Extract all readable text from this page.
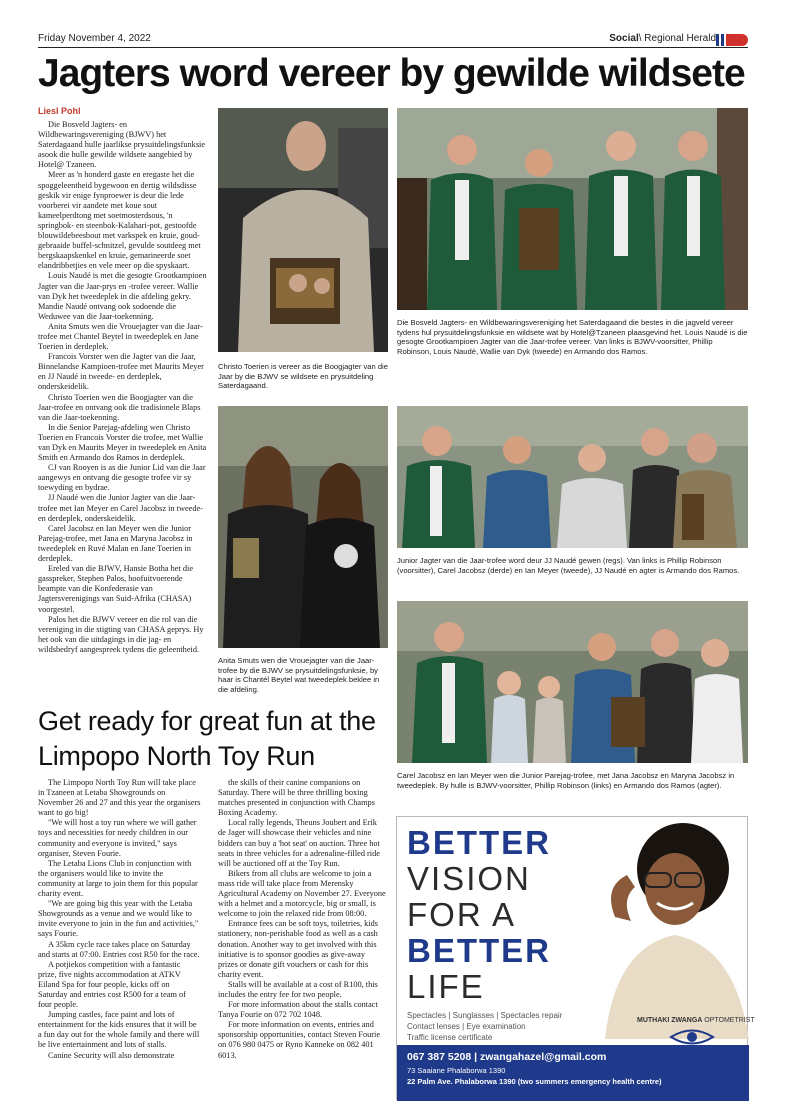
Friday November 4, 2022	Social\ Regional Herald
Jagters word vereer by gewilde wildsete
Liesl Pohl

Die Bosveld Jagters- en Wildbewaringsvereniging (BJWV) het Saterdagaand hulle jaarlikse prysuitdelingsfunksie asook die hulle gewilde wildsete aangebied by Hotel@ Tzaneen.

Meer as 'n honderd gaste en eregaste het die spoggeleentheid bygewoon en dertig wildsdisse geskik vir enige fynproewer is deur die lede voorberei vir aandete met koue sout kameelperdtong met soetmosterdsous, 'n springbok- en steenbok-Kalahari-pot, gestoofde blouwildebeesbout met varkspek en kruie, goud-gebraaide buffel-schnitzel, gevulde soutdeeg met bergskaapskenkel en kruie, gemarineerde soet elandribbetjies en vele meer op die spyskaart.

Louis Naudé is met die gesogte Grootkampioen Jagter van die Jaar-prys en -trofee vereer. Wallie van Dyk het tweedeplek in die afdeling gekry. Mandie Naudé ontvang ook sodoende die Weduwee van die Jaar-toekenning.

Anita Smuts wen die Vrouejagter van die Jaar-trofee met Chantel Beytel in tweedeplek en Jane Toerien in derdeplek.

Francois Vorster wen die Jagter van die Jaar, Binnelandse Kampioen-trofee met Maurits Meyer en JJ Naudé in tweede- en derdeplek, onderskeidelik.

Christo Toerien wen die Boogjagter van die Jaar-trofee en ontvang ook die tradisionele Blaps van die Jaar-toekenning.

In die Senior Parejag-afdeling wen Christo Toerien en Francois Vorster die trofee, met Wallie van Dyk en Maurits Meyer in tweedeplek en Anita Smith en Armando dos Ramos in derdeplek.

CJ van Rooyen is as die Junior Lid van die Jaar aangewys en ontvang die gesogte trofee vir sy toewyding en bydrae.

JJ Naudé wen die Junior Jagter van die Jaar-trofee met Ian Meyer en Carel Jacobsz in tweede- en derdeplek, onderskeidelik.

Carel Jacobsz en Ian Meyer wen die Junior Parejag-trofee, met Jana en Maryna Jacobsz in tweedeplek en Ruvé Malan en Jane Toerien in derdeplek.

Ereled van die BJWV, Hansie Botha het die gasspreker, Stephen Palos, hoofuitvoerende beampte van die Konfederasie van Jagtersverenigings van Suid-Afrika (CHASA) voorgestel.

Palos het die BJWV vereer en die rol van die vereniging in die stigting van CHASA geprys. Hy het ook van die uitdagings in die jag- en wildsbedryf aangespreek tydens die geleentheid.

Christo Toerien is vereer as die Boogjagter van die Jaar by die BJWV se wildsete en prysuitdeling Saterdagaand.
Die Bosveld Jagters- en Wildbewaringsvereniging het Saterdagaand die bestes in die jagveld vereer tydens hul prysuitdelingsfunksie en wildsete wat by Hotel@Tzaneen plaasgevind het. Louis Naudé is die gesogte Grootkampioen Jagter van die Jaar-trofee vereer. Van links is BJWV-voorsitter, Phillip Robinson, Louis Naudé, Wallie van Dyk (tweede) en Armando dos Ramos.
Anita Smuts wen die Vrouejagter van die Jaar-trofee by die BJWV se prysuitdelingsfunksie, by haar is Chantél Beytel wat tweedeplek beklee in die afdeling.
Junior Jagter van die Jaar-trofee word deur JJ Naudé gewen (regs). Van links is Phillip Robinson (voorsitter), Carel Jacobsz (derde) en Ian Meyer (tweede), JJ Naudé en agter is Armando dos Ramos.
Carel Jacobsz en Ian Meyer wen die Junior Parejag-trofee, met Jana Jacobsz en Maryna Jacobsz in tweedeplek. By hulle is BJWV-voorsitter, Phillip Robinson (links) en Armando dos Ramos (agter).
Get ready for great fun at the Limpopo North Toy Run

The Limpopo North Toy Run will take place in Tzaneen at Letaba Showgrounds on November 26 and 27 and this year the organisers want to go big!

"We will host a toy run where we will gather toys and necessities for needy children in our community and everyone is invited," says organiser, Steven Fourie.

The Letaba Lions Club in conjunction with the organisers would like to invite the community at large to join them for this popular charity event.

"We are going big this year with the Letaba Showgrounds as a venue and we would like to invite everyone to join in the fun and activities," says Fourie.

A 35km cycle race takes place on Saturday and starts at 07:00. Entries cost R50 for the race.

A potjiekos competition with a fantastic prize, five nights accommodation at ATKV Eiland Spa for four people, kicks off on Saturday and entries cost R500 for a team of four people.

Jumping castles, face paint and lots of entertainment for the kids ensures that it will be a fun day out for the whole family and there will be live entertainment and lots of stalls.

Canine Security will also demonstrate

the skills of their canine companions on Saturday. There will be three thrilling boxing matches presented in conjunction with Champs Boxing Academy.

Local rally legends, Theuns Joubert and Erik de Jager will showcase their vehicles and nine bidders can buy a 'hot seat' on auction. Three hot seats in three vehicles for a adrenaline-filled ride will be auctioned off at the Toy Run.

Bikers from all clubs are welcome to join a mass ride will take place from Merensky Agricultural Academy on November 27. Everyone with a helmet and a motorcycle, big or small, is welcome to join the relaxed ride from 08:00.

Entrance fees can be soft toys, toiletries, kids stationery, non-perishable food as well as a cash donation. Another way to get involved with this initiative is to sponsor goodies as give-away prizes or donate gift vouchers or cash for this charity event.

Stalls will be available at a cost of R100, this includes the entry fee for two people.

For more information about the stalls contact Tanya Fourie on 072 702 1048.

For more information on events, entries and sponsorship opportunities, contact Steven Fourie on 076 980 0475 or Ryno Kanneke on 082 401 6013.

BETTER
VISION
FOR A
BETTER
LIFE
Spectacles | Sunglasses | Spectacles repair
Contact lenses | Eye examination
Traffic license certificate
MUTHAKI ZWANGA OPTOMETRIST
067 387 5208 | zwangahazel@gmail.com
73 Saaiane Phalaborwa 1390
22 Palm Ave. Phalaborwa 1390 (two summers emergency health centre)
